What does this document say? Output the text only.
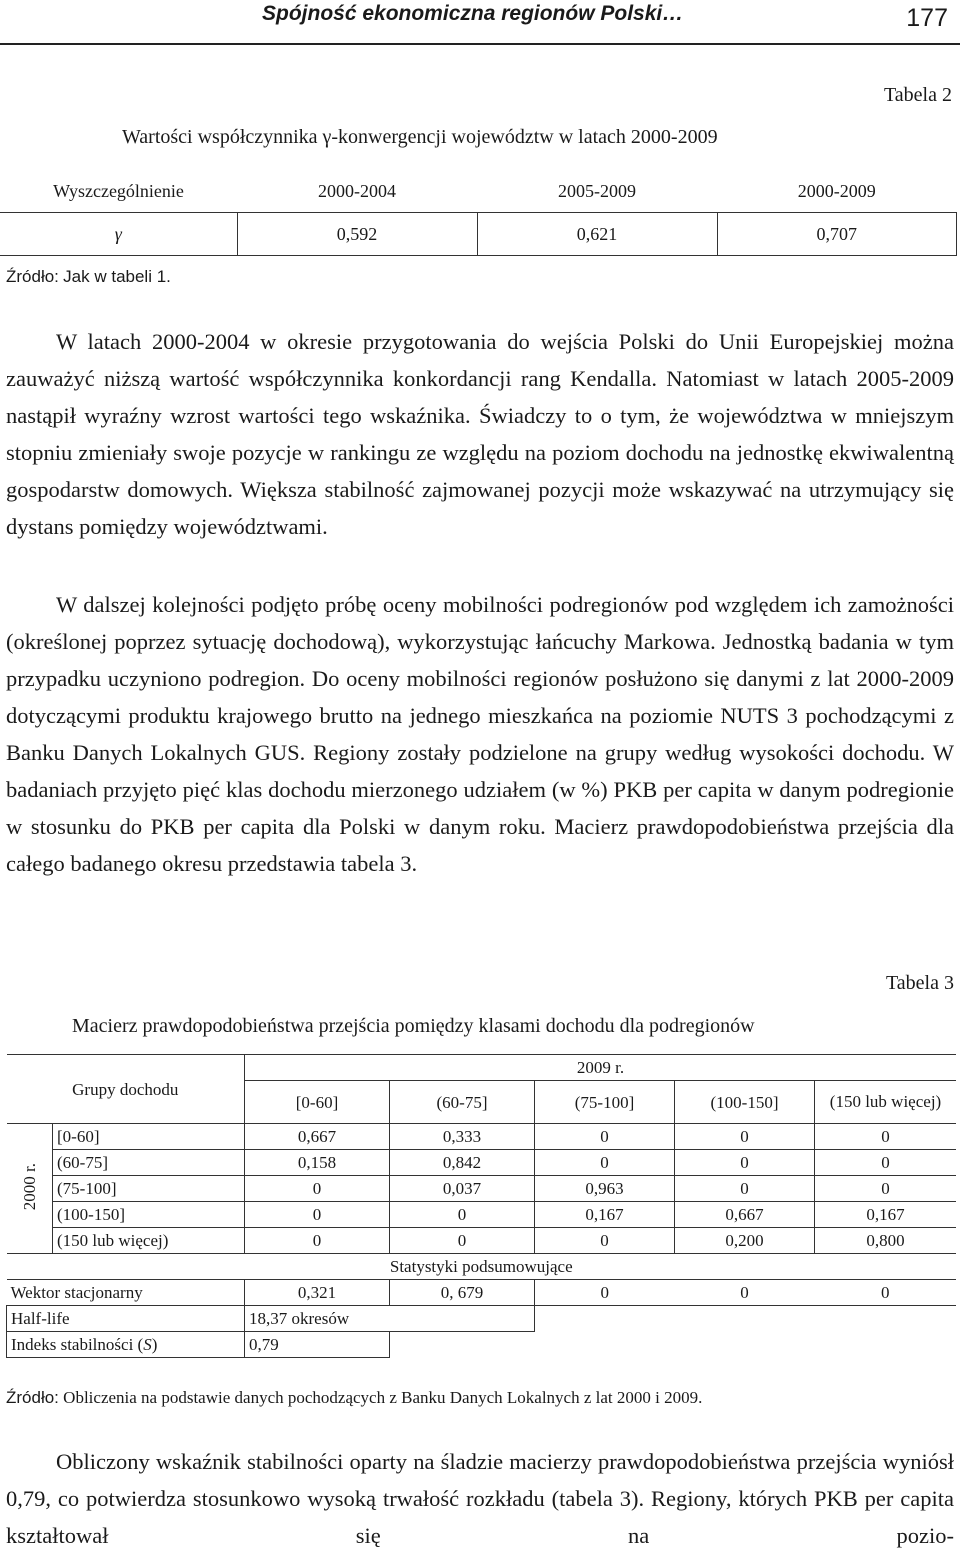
Spójność ekonomiczna regionów Polski…	177
Tabela 2
Wartości współczynnika γ-konwergencji województw w latach 2000-2009
Wyszczególnienie	2000-2004	2005-2009	2000-2009
γ	0,592	0,621	0,707
Źródło: Jak w tabeli 1.
W latach 2000-2004 w okresie przygotowania do wejścia Polski do Unii Europejskiej można zauważyć niższą wartość współczynnika konkordancji rang Kendalla. Natomiast w latach 2005-2009 nastąpił wyraźny wzrost wartości tego wskaźnika. Świadczy to o tym, że województwa w mniejszym stopniu zmieniały swoje pozycje w rankingu ze względu na poziom dochodu na jednostkę ekwiwalentną gospodarstw domowych. Większa stabilność zajmowanej pozycji może wskazywać na utrzymujący się dystans pomiędzy województwami.
W dalszej kolejności podjęto próbę oceny mobilności podregionów pod względem ich zamożności (określonej poprzez sytuację dochodową), wykorzystując łańcuchy Markowa. Jednostką badania w tym przypadku uczyniono podregion. Do oceny mobilności regionów posłużono się danymi z lat 2000-2009 dotyczącymi produktu krajowego brutto na jednego mieszkańca na poziomie NUTS 3 pochodzącymi z Banku Danych Lokalnych GUS. Regiony zostały podzielone na grupy według wysokości dochodu. W badaniach przyjęto pięć klas dochodu mierzonego udziałem (w %) PKB per capita w danym podregionie w stosunku do PKB per capita dla Polski w danym roku. Macierz prawdopodobieństwa przejścia dla całego badanego okresu przedstawia tabela 3.
Tabela 3
Macierz prawdopodobieństwa przejścia pomiędzy klasami dochodu dla podregionów
Grupy dochodu		2009 r.				
		[0-60]	(60-75]	(75-100]	(100-150]	(150 lub więcej)
2000 r.	[0-60]	0,667	0,333	0	0	0
	(60-75]	0,158	0,842	0	0	0
	(75-100]	0	0,037	0,963	0	0
	(100-150]	0	0	0,167	0,667	0,167
	(150 lub więcej)	0	0	0	0,200	0,800
Statystyki podsumowujące						
Wektor stacjonarny		0,321	0, 679	0	0	0
Half-life		18,37 okresów				
Indeks stabilności (S)		0,79				
Źródło: Obliczenia na podstawie danych pochodzących z Banku Danych Lokalnych z lat 2000 i 2009.
Obliczony wskaźnik stabilności oparty na śladzie macierzy prawdopodobieństwa przejścia wyniósł 0,79, co potwierdza stosunkowo wysoką trwałość rozkładu (tabela 3). Regiony, których PKB per capita kształtował się na pozio-
